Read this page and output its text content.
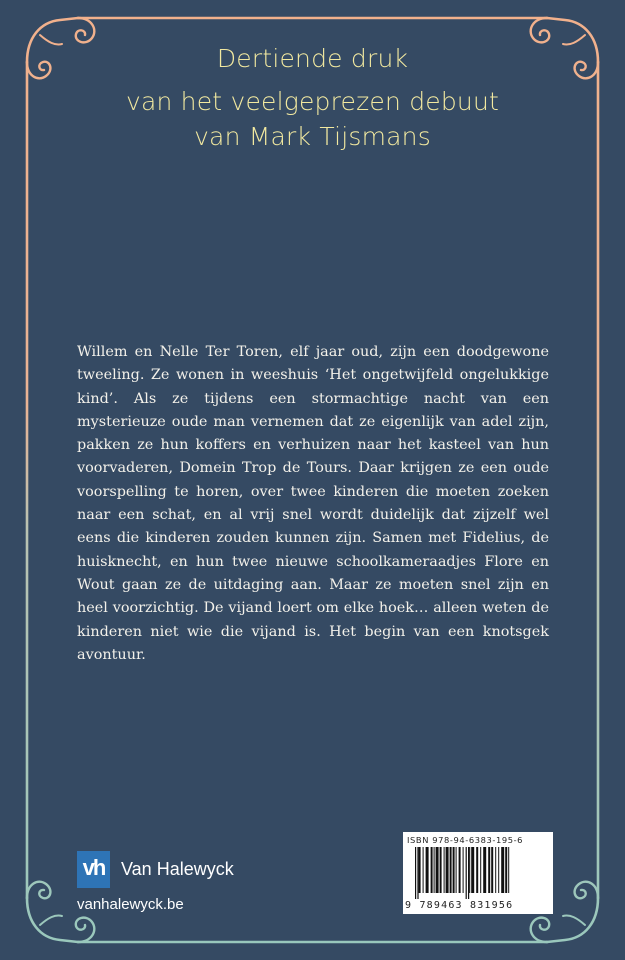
Dertiende druk
van het veelgeprezen debuut
van Mark Tijsmans

Willem en Nelle Ter Toren, elf jaar oud, zijn een doodgewone tweeling. Ze wonen in weeshuis ‘Het ongetwijfeld ongelukkige kind’. Als ze tijdens een stormachtige nacht van een mysterieuze oude man vernemen dat ze eigenlijk van adel zijn, pakken ze hun koffers en verhuizen naar het kasteel van hun voorvaderen, Domein Trop de Tours. Daar krijgen ze een oude voorspelling te horen, over twee kinderen die moeten zoeken naar een schat, en al vrij snel wordt duidelijk dat zijzelf wel eens die kinderen zouden kunnen zijn. Samen met Fidelius, de huisknecht, en hun twee nieuwe schoolkameraadjes Flore en Wout gaan ze de uitdaging aan. Maar ze moeten snel zijn en heel voorzichtig. De vijand loert om elke hoek… alleen weten de kinderen niet wie die vijand is. Het begin van een knotsgek avontuur.

vh Van Halewyck
vanhalewyck.be
ISBN 978-94-6383-195-6
9 789463 831956
